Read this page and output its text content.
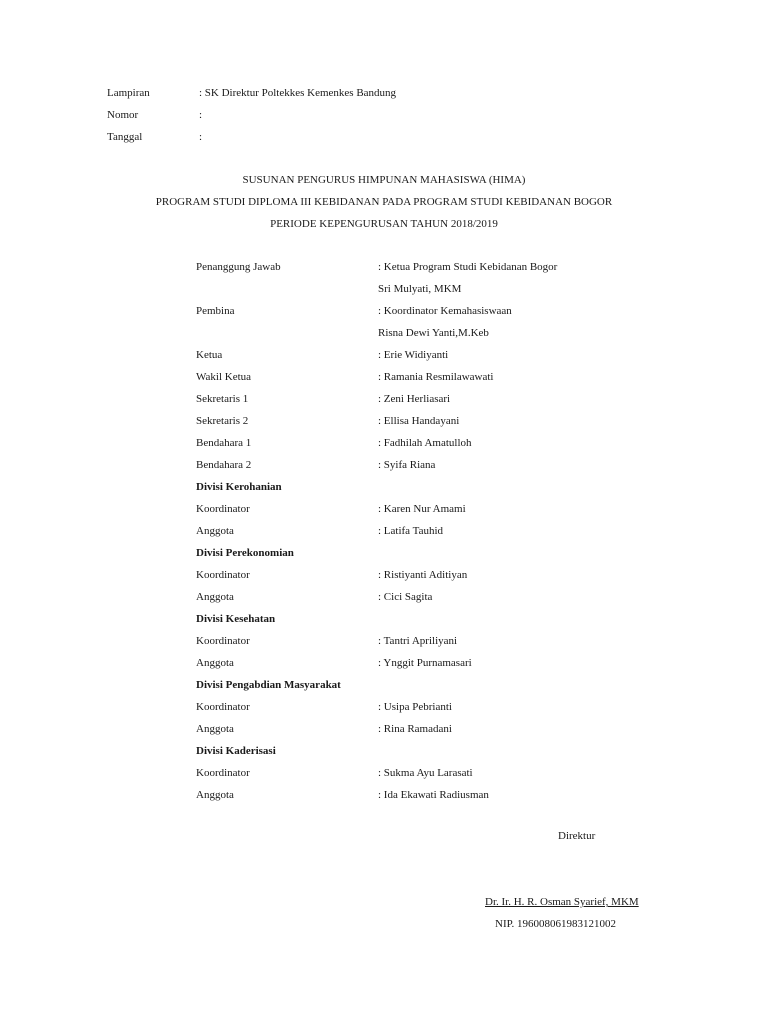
Lampiran	: SK Direktur Poltekkes Kemenkes Bandung
Nomor	:
Tanggal	:
SUSUNAN PENGURUS HIMPUNAN MAHASISWA (HIMA)
PROGRAM STUDI DIPLOMA III KEBIDANAN PADA PROGRAM STUDI KEBIDANAN BOGOR
PERIODE KEPENGURUSAN TAHUN 2018/2019
Penanggung Jawab	: Ketua Program Studi Kebidanan Bogor
Sri Mulyati, MKM
Pembina	: Koordinator Kemahasiswaan
Risna Dewi Yanti,M.Keb
Ketua	: Erie Widiyanti
Wakil Ketua	: Ramania Resmilawawati
Sekretaris 1	: Zeni Herliasari
Sekretaris 2	: Ellisa Handayani
Bendahara 1	: Fadhilah Amatulloh
Bendahara 2	: Syifa Riana
Divisi Kerohanian
Koordinator	: Karen Nur Amami
Anggota	: Latifa Tauhid
Divisi Perekonomian
Koordinator	: Ristiyanti Aditiyan
Anggota	: Cici Sagita
Divisi Kesehatan
Koordinator	: Tantri Apriliyani
Anggota	: Ynggit Purnamasari
Divisi Pengabdian Masyarakat
Koordinator	: Usipa Pebrianti
Anggota	: Rina Ramadani
Divisi Kaderisasi
Koordinator	: Sukma Ayu Larasati
Anggota	: Ida Ekawati Radiusman
Direktur
Dr. Ir. H. R. Osman Syarief, MKM
NIP. 196008061983121002
